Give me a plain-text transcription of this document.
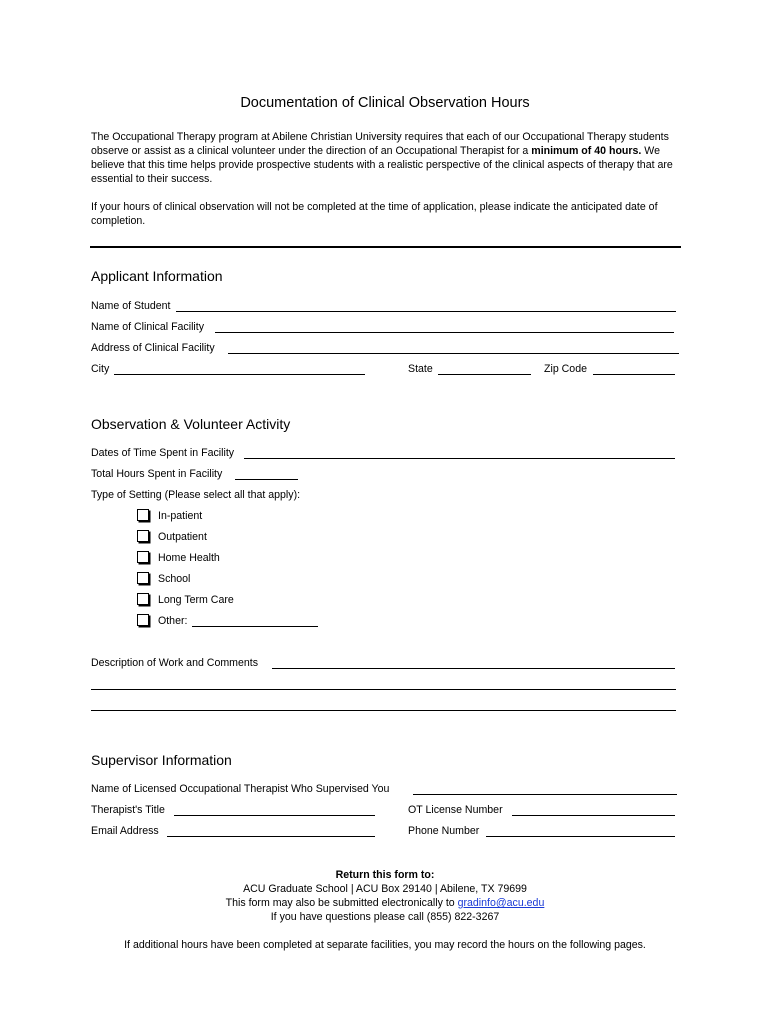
Documentation of Clinical Observation Hours
The Occupational Therapy program at Abilene Christian University requires that each of our Occupational Therapy students observe or assist as a clinical volunteer under the direction of an Occupational Therapist for a minimum of 40 hours. We believe that this time helps provide prospective students with a realistic perspective of the clinical aspects of therapy that are essential to their success.
If your hours of clinical observation will not be completed at the time of application, please indicate the anticipated date of completion.
Applicant Information
Name of Student
Name of Clinical Facility
Address of Clinical Facility
City	State	Zip Code
Observation & Volunteer Activity
Dates of Time Spent in Facility
Total Hours Spent in Facility
Type of Setting (Please select all that apply):
In-patient
Outpatient
Home Health
School
Long Term Care
Other:
Description of Work and Comments
Supervisor Information
Name of Licensed Occupational Therapist Who Supervised You
Therapist's Title	OT License Number
Email Address	Phone Number
Return this form to:
ACU Graduate School | ACU Box 29140 | Abilene, TX 79699
This form may also be submitted electronically to gradinfo@acu.edu
If you have questions please call (855) 822-3267
If additional hours have been completed at separate facilities, you may record the hours on the following pages.
